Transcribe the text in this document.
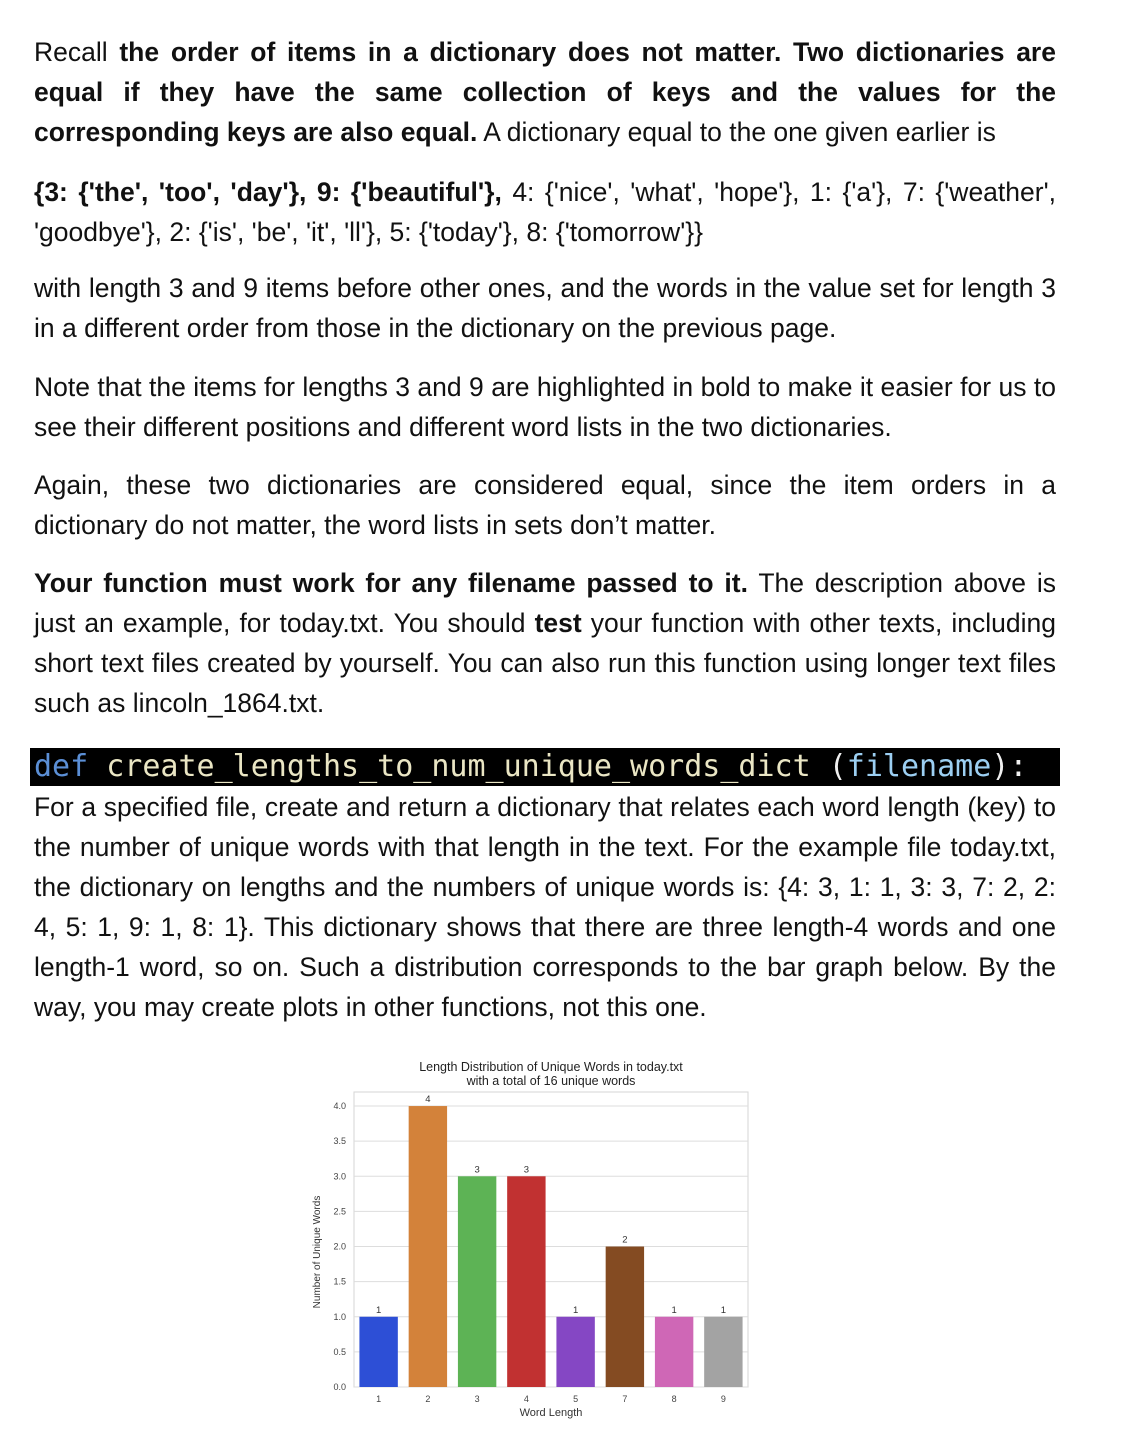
Recall the order of items in a dictionary does not matter. Two dictionaries are equal if they have the same collection of keys and the values for the corresponding keys are also equal. A dictionary equal to the one given earlier is

{3: {'the', 'too', 'day'}, 9: {'beautiful'}, 4: {'nice', 'what', 'hope'}, 1: {'a'}, 7: {'weather', 'goodbye'}, 2: {'is', 'be', 'it', 'll'}, 5: {'today'}, 8: {'tomorrow'}}

with length 3 and 9 items before other ones, and the words in the value set for length 3 in a different order from those in the dictionary on the previous page.

Note that the items for lengths 3 and 9 are highlighted in bold to make it easier for us to see their different positions and different word lists in the two dictionaries.

Again, these two dictionaries are considered equal, since the item orders in a dictionary do not matter, the word lists in sets don’t matter.

Your function must work for any filename passed to it. The description above is just an example, for today.txt. You should test your function with other texts, including short text files created by yourself. You can also run this function using longer text files such as lincoln_1864.txt.

def create_lengths_to_num_unique_words_dict (filename):

For a specified file, create and return a dictionary that relates each word length (key) to the number of unique words with that length in the text. For the example file today.txt, the dictionary on lengths and the numbers of unique words is: {4: 3, 1: 1, 3: 3, 7: 2, 2: 4, 5: 1, 9: 1, 8: 1}. This dictionary shows that there are three length-4 words and one length-1 word, so on. Such a distribution corresponds to the bar graph below. By the way, you may create plots in other functions, not this one.

Length Distribution of Unique Words in today.txt
with a total of 16 unique words
1
4
3	3
1
2
1	1
0.0
0.5
1.0
1.5
2.0
2.5
3.0
3.5
4.0
1	2	3	4	5	7	8	9
Word Length
Number of Unique Words
